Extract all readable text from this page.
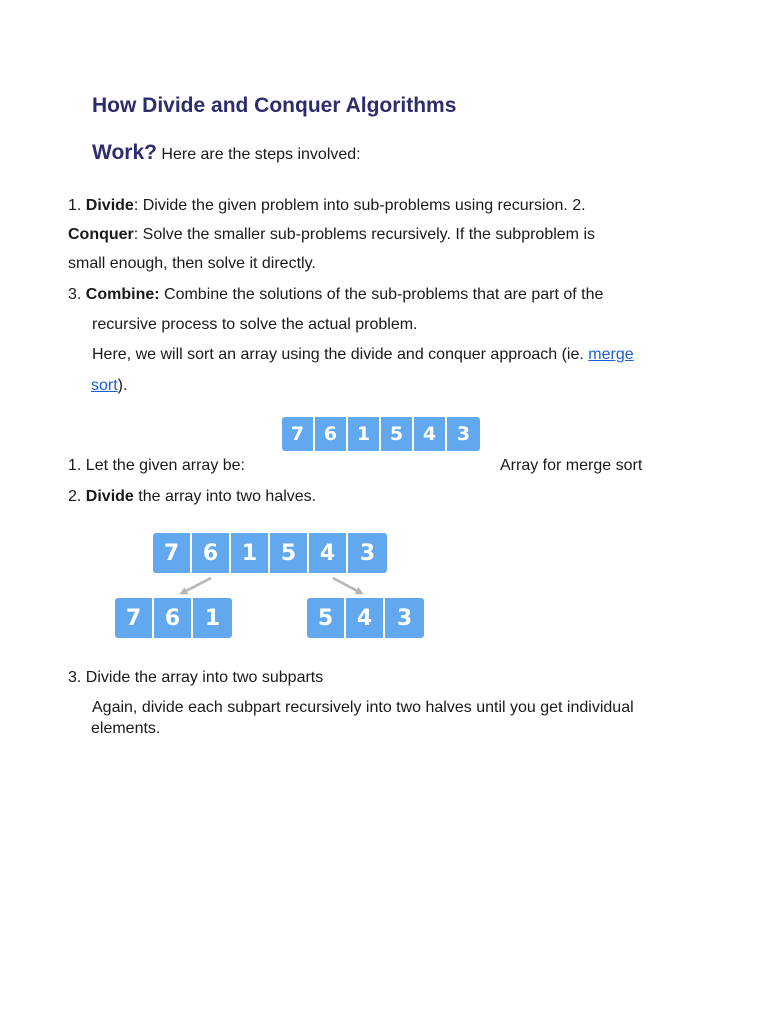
How Divide and Conquer Algorithms
Work? Here are the steps involved:
1. Divide: Divide the given problem into sub-problems using recursion. 2.
Conquer: Solve the smaller sub-problems recursively. If the subproblem is
small enough, then solve it directly.
3. Combine: Combine the solutions of the sub-problems that are part of the
recursive process to solve the actual problem.
Here, we will sort an array using the divide and conquer approach (ie. merge
sort).
7	6	1	5	4	3
1. Let the given array be:	Array for merge sort
2. Divide the array into two halves.
7	6	1	5	4	3
7	6	1	5	4	3
3. Divide the array into two subparts
Again, divide each subpart recursively into two halves until you get individual
elements.
